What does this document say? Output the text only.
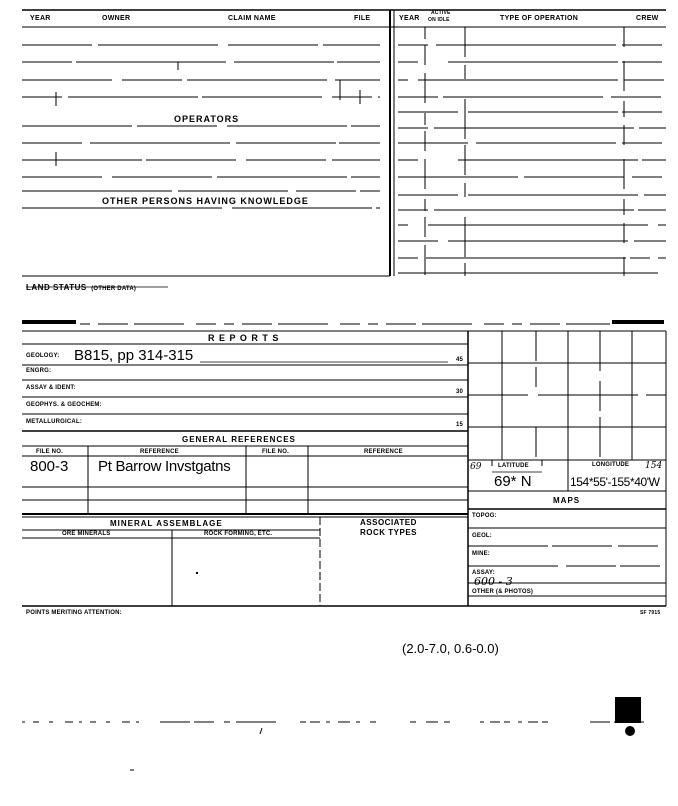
YEAR	OWNER	CLAIM NAME	FILE	YEAR
ACTIVE
ON IDLE	TYPE OF OPERATION	CREW
OPERATORS
OTHER PERSONS HAVING KNOWLEDGE
LAND STATUS (OTHER DATA)
R E P O R T S
GEOLOGY: B815, pp 314-315
ENGRG:
ASSAY & IDENT:
GEOPHYS. & GEOCHEM:
METALLURGICAL:
45
30
15
GENERAL REFERENCES
FILE NO.	REFERENCE	FILE NO.	REFERENCE
800-3 Pt Barrow Invstgatns
MINERAL ASSEMBLAGE
ORE MINERALS	ROCK FORMING, ETC.
ASSOCIATED
ROCK TYPES
69	LATITUDE	LONGITUDE 154
69* N	154*55'-155*40'W
MAPS
TOPOG:
GEOL:
MINE:
ASSAY:
600 - 3
OTHER (& PHOTOS)
POINTS MERITING ATTENTION:	SF 7915
(2.0-7.0, 0.6-0.0)
